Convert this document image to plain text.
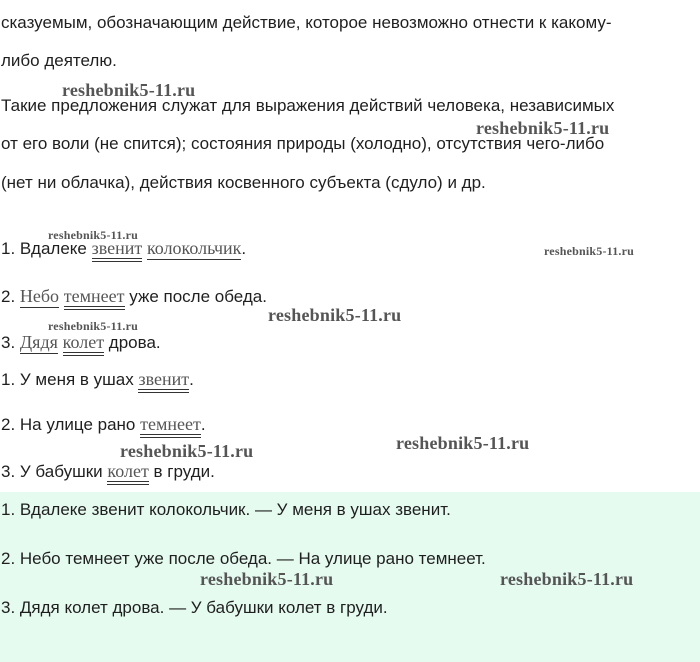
сказуемым, обозначающим действие, которое невозможно отнести к какому-
либо деятелю.
Такие предложения служат для выражения действий человека, независимых
от его воли (не спится); состояния природы (холодно), отсутствия чего-либо
(нет ни облачка), действия косвенного субъекта (сдуло) и др.
1. Вдалеке звенит колокольчик.
2. Небо темнеет уже после обеда.
3. Дядя колет дрова.
1. У меня в ушах звенит.
2. На улице рано темнеет.
3. У бабушки колет в груди.
1. Вдалеке звенит колокольчик. — У меня в ушах звенит.
2. Небо темнеет уже после обеда. — На улице рано темнеет.
3. Дядя колет дрова. — У бабушки колет в груди.
reshebnik5-11.ru
reshebnik5-11.ru
reshebnik5-11.ru
reshebnik5-11.ru
reshebnik5-11.ru
reshebnik5-11.ru
reshebnik5-11.ru
reshebnik5-11.ru
reshebnik5-11.ru	reshebnik5-11.ru
